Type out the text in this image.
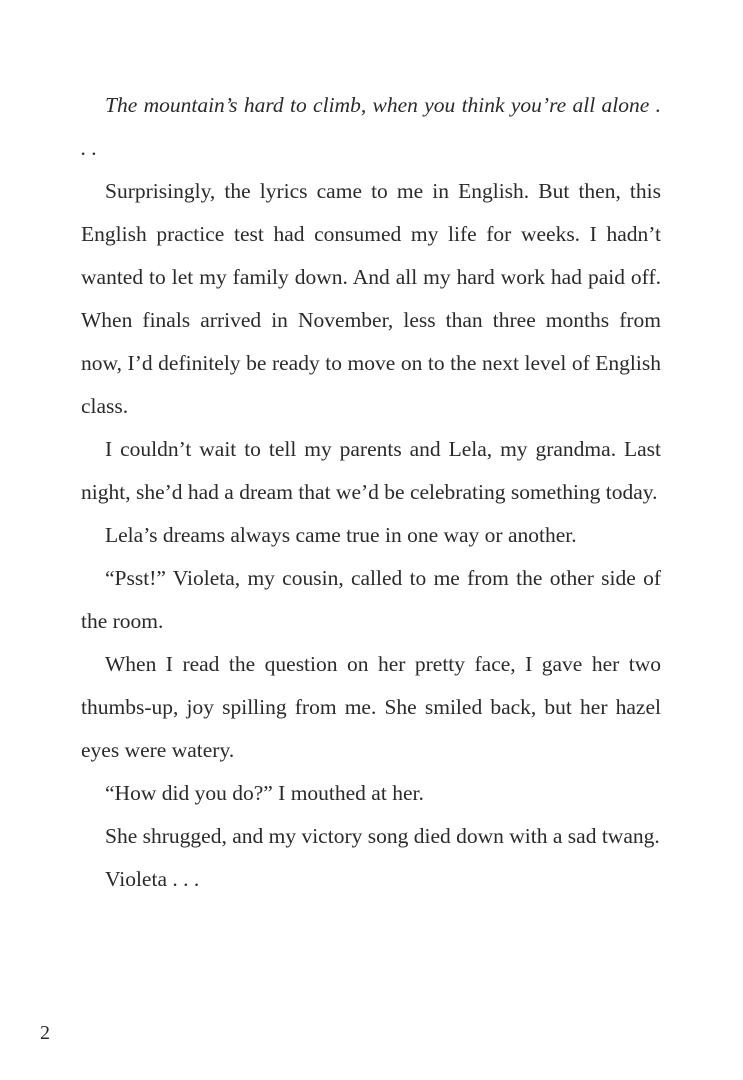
The mountain’s hard to climb, when you think you’re all alone . . .

Surprisingly, the lyrics came to me in English. But then, this English practice test had consumed my life for weeks. I hadn’t wanted to let my family down. And all my hard work had paid off. When finals arrived in November, less than three months from now, I’d definitely be ready to move on to the next level of English class.

I couldn’t wait to tell my parents and Lela, my grandma. Last night, she’d had a dream that we’d be celebrating something today.

Lela’s dreams always came true in one way or another.

“Psst!” Violeta, my cousin, called to me from the other side of the room.

When I read the question on her pretty face, I gave her two thumbs-up, joy spilling from me. She smiled back, but her hazel eyes were watery.

“How did you do?” I mouthed at her.

She shrugged, and my victory song died down with a sad twang.

Violeta . . .

2
